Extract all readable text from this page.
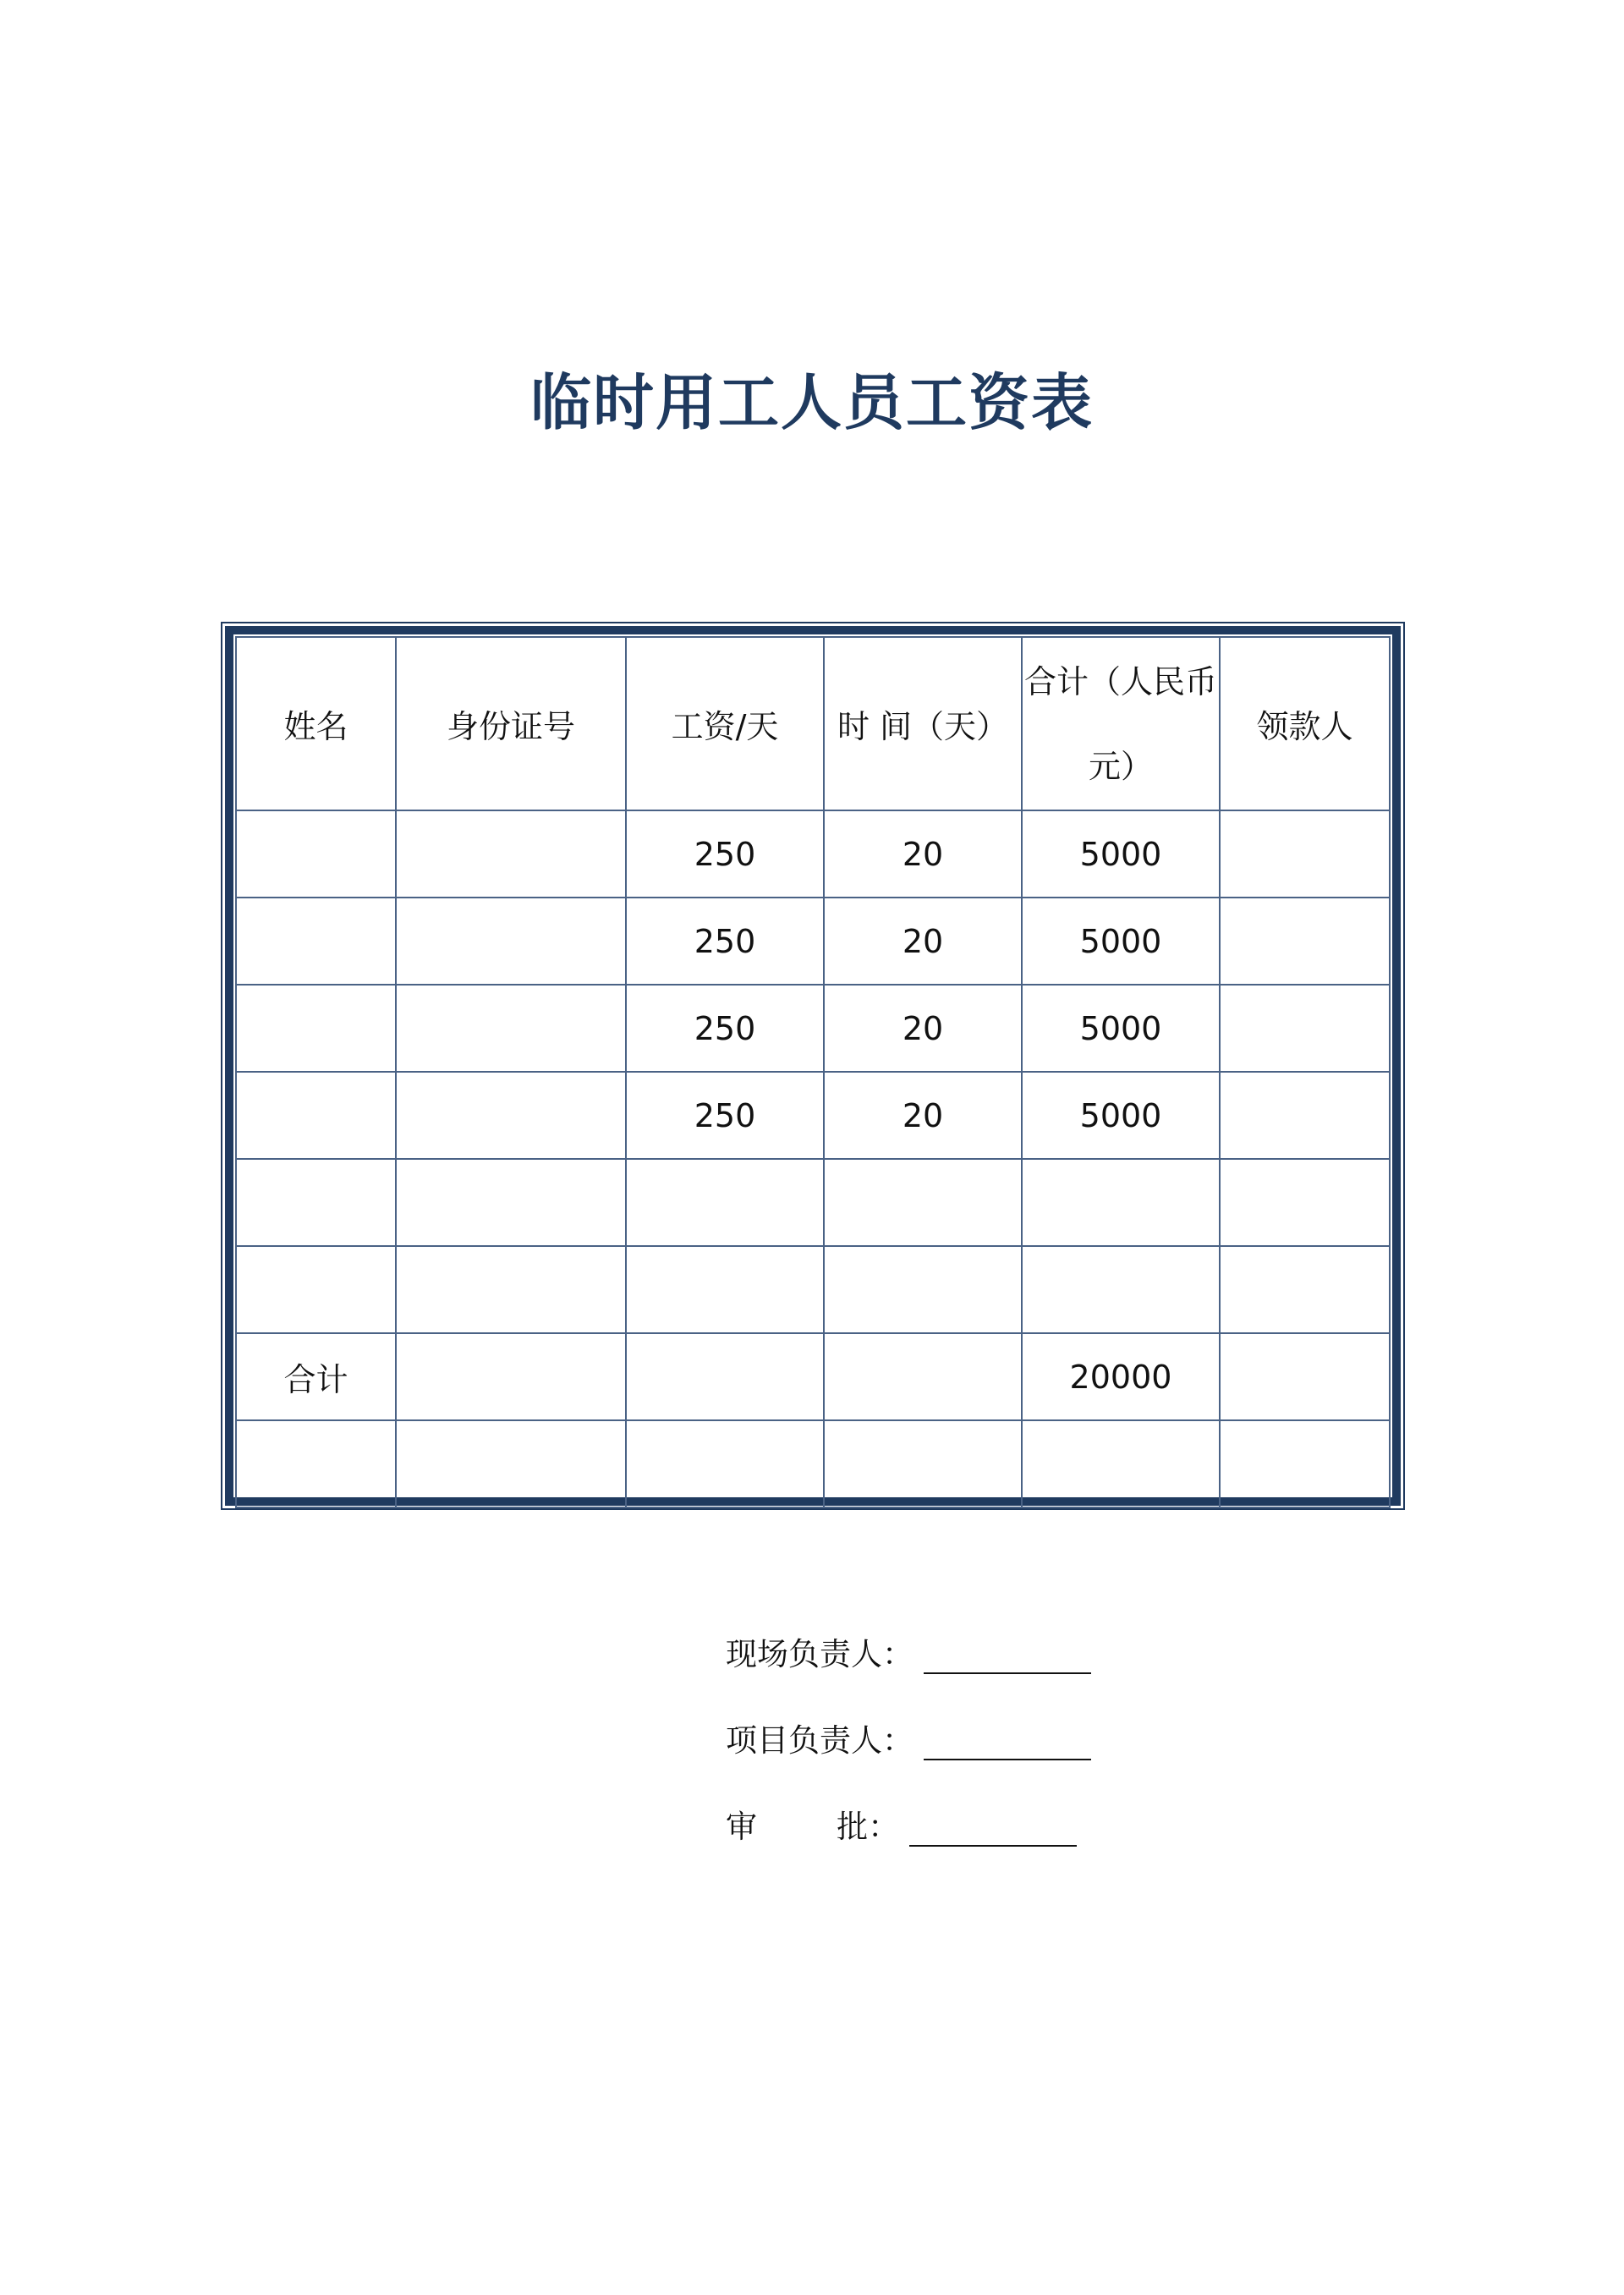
临时用工人员工资表
姓名	身份证号	工资/天	时 间（天）	合计（人民币元）	领款人
		250	20	5000	
		250	20	5000	
		250	20	5000	
		250	20	5000	

合计				20000	

现场负责人：
项目负责人：
审        批：
